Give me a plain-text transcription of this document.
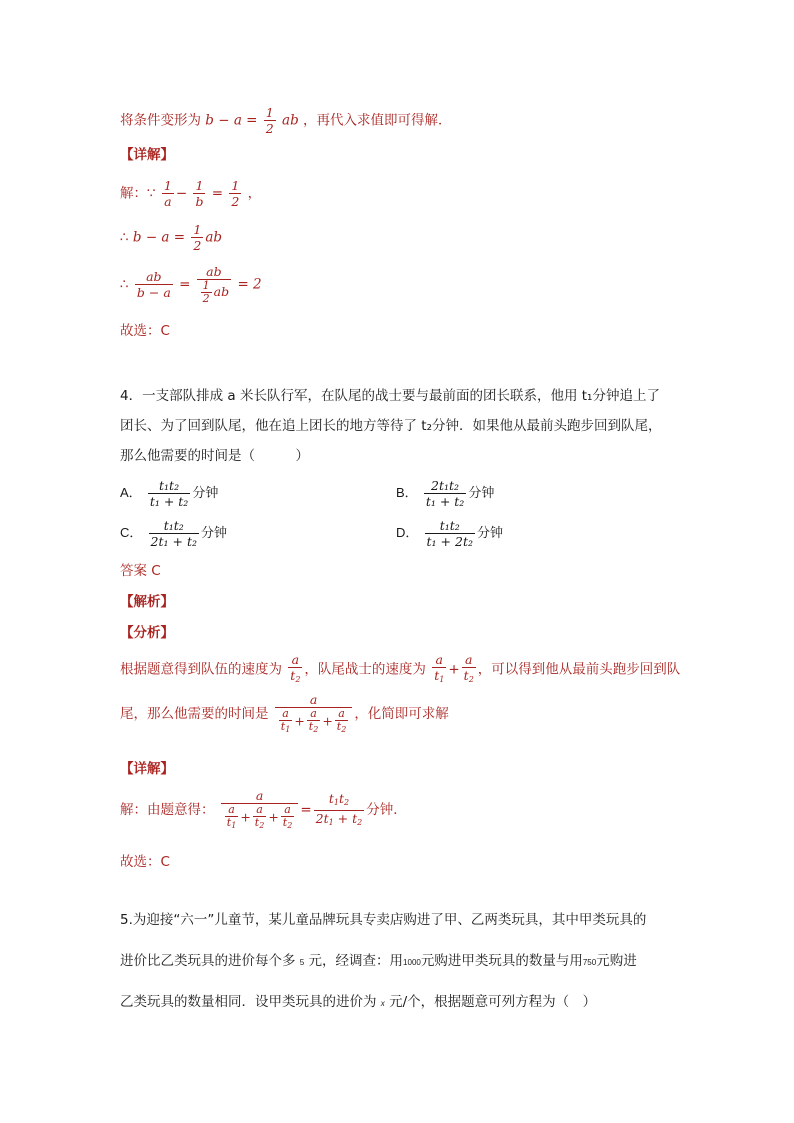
将条件变形为 $b - a = \frac{1}{2}$ ab ，再代入求值即可得解．
【详解】
解：∵ $\frac{1}{a} - \frac{1}{b} = \frac{1}{2}$ ，
∴ $b - a = \frac{1}{2}$ ab
∴ $\frac{ab}{b - a} = \frac{ab}{\frac{1}{2} ab} = 2$
故选：C
4．一支部队排成 a 米长队行军，在队尾的战士要与最前面的团长联系，他用 t₁分钟追上了
团长、为了回到队尾，他在追上团长的地方等待了 t₂分钟．如果他从最前头跑步回到队尾，
那么他需要的时间是（　　　）
A． $\frac{\text{t₁t₂}}{\text{t₁ + t₂}}$ 分钟	B． $\frac{\text{2t₁t₂}}{\text{t₁ + t₂}}$ 分钟
C． $\frac{\text{t₁t₂}}{\text{2t₁ + t₂}}$ 分钟	D． $\frac{\text{t₁t₂}}{\text{t₁ + 2t₂}}$ 分钟
答案 C
【解析】
【分析】
根据题意得到队伍的速度为 $\frac{a}{t_2}$ ，队尾战士的速度为 $\frac{a}{t_1} + \frac{a}{t_2}$ ，可以得到他从最前头跑步回到队
尾，那么他需要的时间是 $\frac{a}{\frac{a}{t_1} + \frac{a}{t_2} + \frac{a}{t_2}}$ ，化简即可求解
【详解】
解：由题意得： $\frac{a}{\frac{a}{t_1} + \frac{a}{t_2} + \frac{a}{t_2}} = \frac{t_1t_2}{2t_1 + t_2}$ 分钟．
故选：C
5.为迎接“六一”儿童节，某儿童品牌玩具专卖店购进了甲、乙两类玩具，其中甲类玩具的
进价比乙类玩具的进价每个多 5 元，经调查：用1000元购进甲类玩具的数量与用750元购进
乙类玩具的数量相同．设甲类玩具的进价为 x 元/个，根据题意可列方程为（　）
